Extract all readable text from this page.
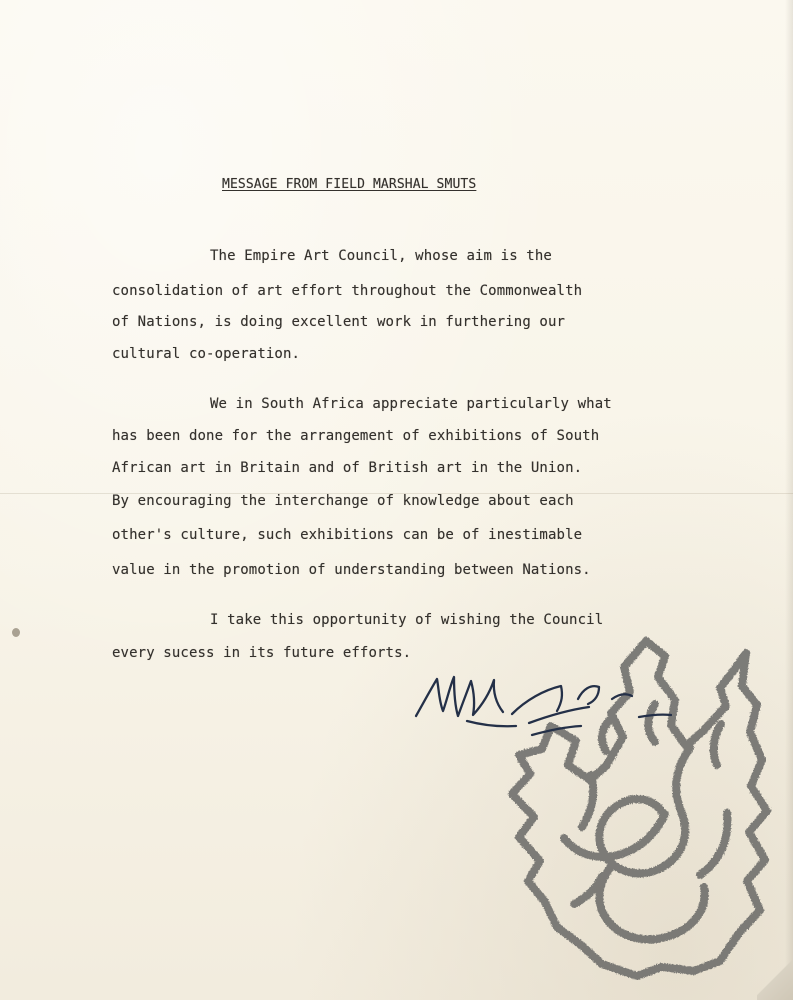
MESSAGE FROM FIELD MARSHAL SMUTS
The Empire Art Council, whose aim is the
consolidation of art effort throughout the Commonwealth
of Nations, is doing excellent work in furthering our
cultural co-operation.
We in South Africa appreciate particularly what
has been done for the arrangement of exhibitions of South
African art in Britain and of British art in the Union.
By encouraging the interchange of knowledge about each
other's culture, such exhibitions can be of inestimable
value in the promotion of understanding between Nations.
I take this opportunity of wishing the Council
every sucess in its future efforts.
